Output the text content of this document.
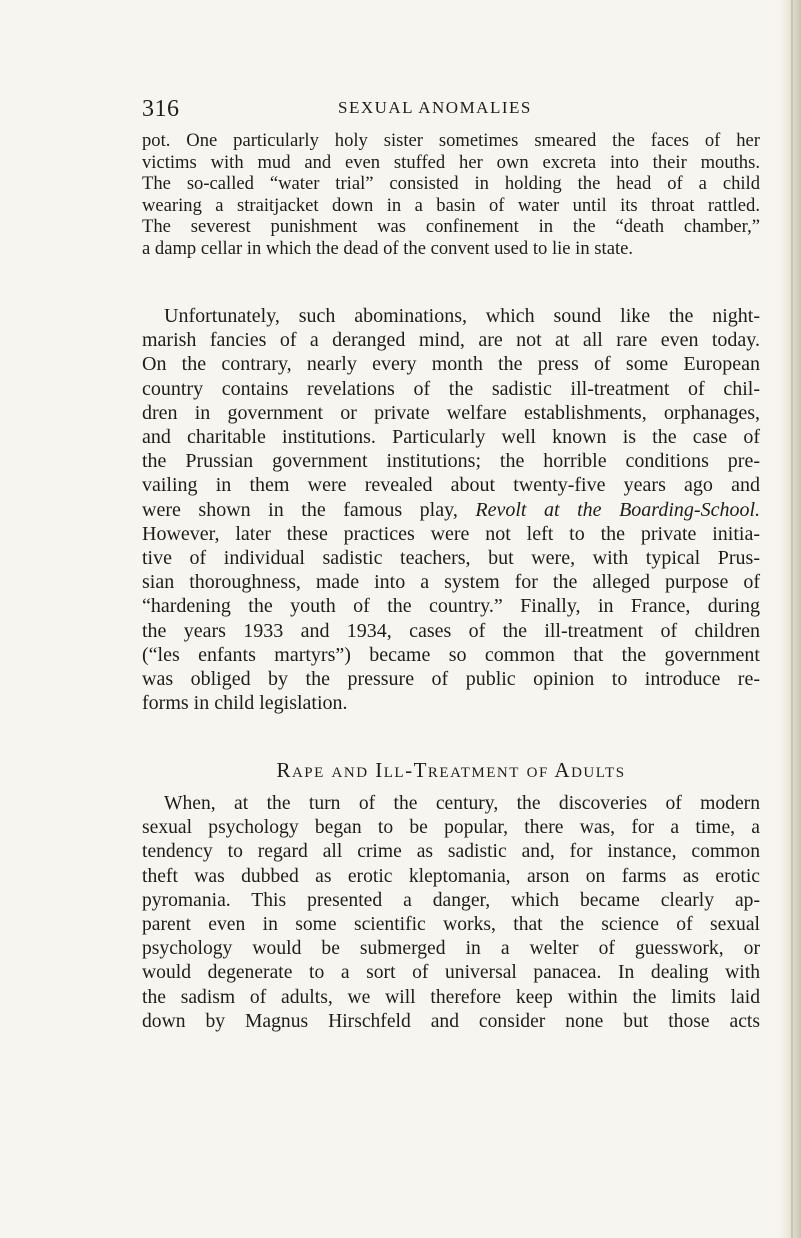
316	SEXUAL ANOMALIES
pot. One particularly holy sister sometimes smeared the faces of her
victims with mud and even stuffed her own excreta into their mouths.
The so-called “water trial” consisted in holding the head of a child
wearing a straitjacket down in a basin of water until its throat rattled.
The severest punishment was confinement in the “death chamber,”
a damp cellar in which the dead of the convent used to lie in state.
Unfortunately, such abominations, which sound like the night-
marish fancies of a deranged mind, are not at all rare even today.
On the contrary, nearly every month the press of some European
country contains revelations of the sadistic ill-treatment of chil-
dren in government or private welfare establishments, orphanages,
and charitable institutions. Particularly well known is the case of
the Prussian government institutions; the horrible conditions pre-
vailing in them were revealed about twenty-five years ago and
were shown in the famous play, Revolt at the Boarding-School.
However, later these practices were not left to the private initia-
tive of individual sadistic teachers, but were, with typical Prus-
sian thoroughness, made into a system for the alleged purpose of
“hardening the youth of the country.” Finally, in France, during
the years 1933 and 1934, cases of the ill-treatment of children
(“les enfants martyrs”) became so common that the government
was obliged by the pressure of public opinion to introduce re-
forms in child legislation.
Rape and Ill-Treatment of Adults
When, at the turn of the century, the discoveries of modern
sexual psychology began to be popular, there was, for a time, a
tendency to regard all crime as sadistic and, for instance, common
theft was dubbed as erotic kleptomania, arson on farms as erotic
pyromania. This presented a danger, which became clearly ap-
parent even in some scientific works, that the science of sexual
psychology would be submerged in a welter of guesswork, or
would degenerate to a sort of universal panacea. In dealing with
the sadism of adults, we will therefore keep within the limits laid
down by Magnus Hirschfeld and consider none but those acts
